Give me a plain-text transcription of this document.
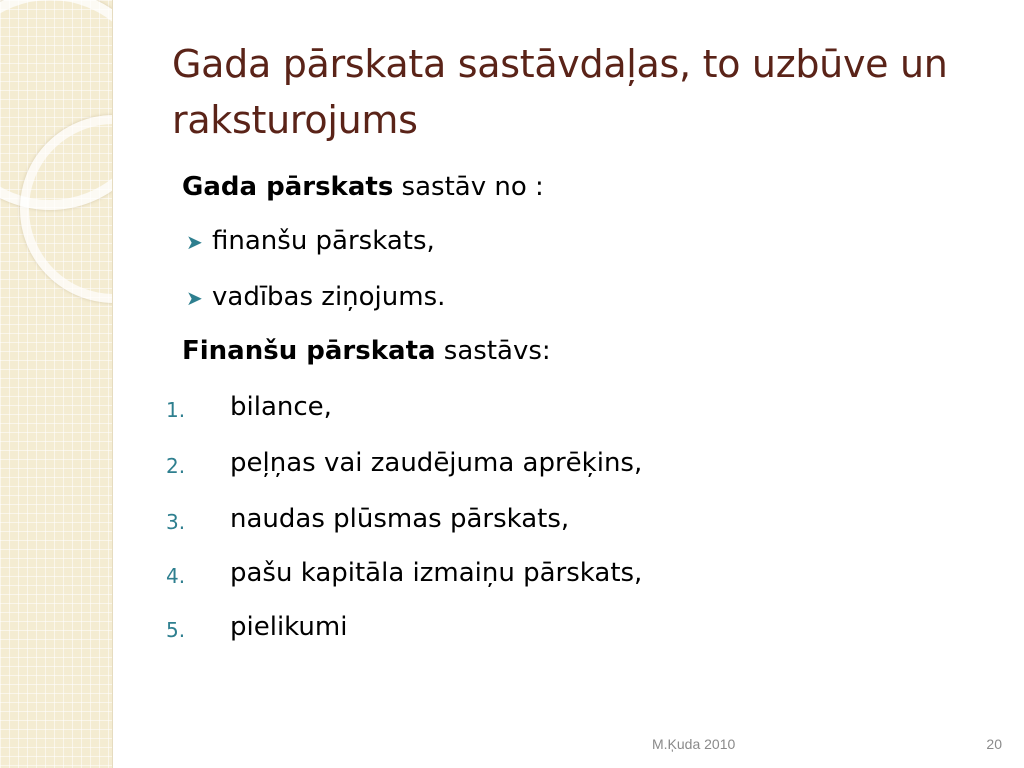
Gada pārskata sastāvdaļas, to uzbūve un raksturojums
Gada pārskats sastāv no :
➤ finanšu pārskats,
➤ vadības ziņojums.
Finanšu pārskata sastāvs:
1.	bilance,
2.	peļņas vai zaudējuma aprēķins,
3.	naudas plūsmas pārskats,
4.	pašu kapitāla izmaiņu pārskats,
5.	pielikumi
M.Ķuda 2010	20
